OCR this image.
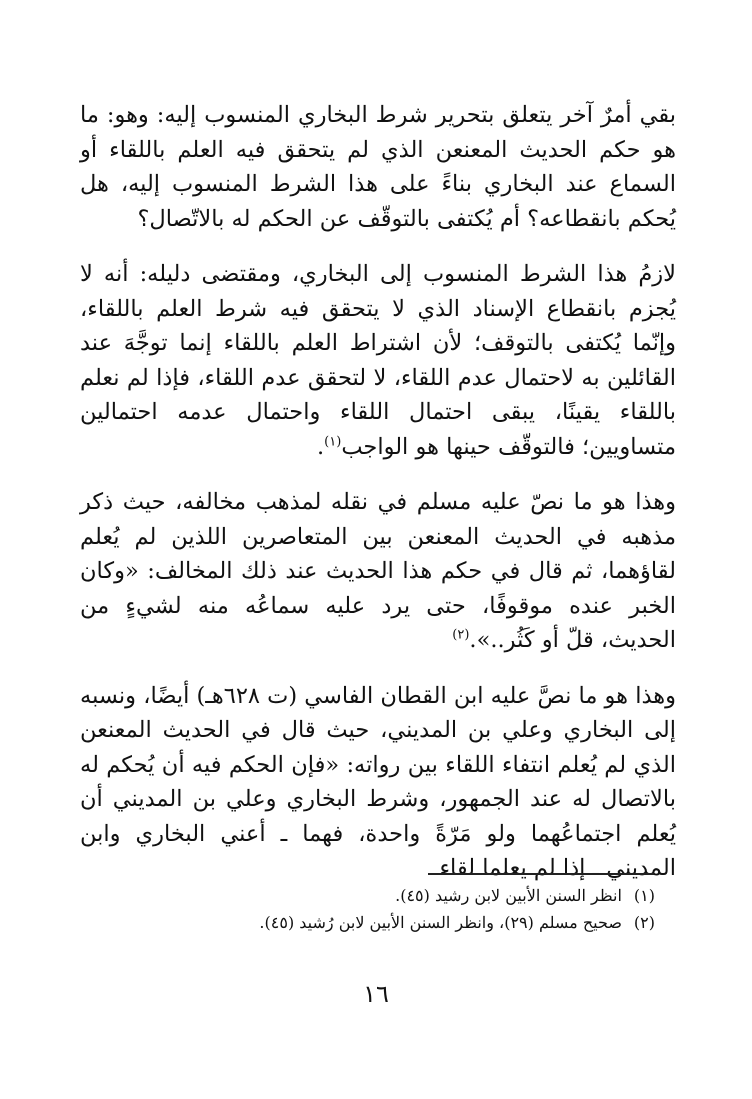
بقي أمرٌ آخر يتعلق بتحرير شرط البخاري المنسوب إليه: وهو: ما هو حكم الحديث المعنعن الذي لم يتحقق فيه العلم باللقاء أو السماع عند البخاري بناءً على هذا الشرط المنسوب إليه، هل يُحكم بانقطاعه؟ أم يُكتفى بالتوقّف عن الحكم له بالاتّصال؟

لازمُ هذا الشرط المنسوب إلى البخاري، ومقتضى دليله: أنه لا يُجزم بانقطاع الإسناد الذي لا يتحقق فيه شرط العلم باللقاء، وإنّما يُكتفى بالتوقف؛ لأن اشتراط العلم باللقاء إنما توجَّهَ عند القائلين به لاحتمال عدم اللقاء، لا لتحقق عدم اللقاء، فإذا لم نعلم باللقاء يقينًا، يبقى احتمال اللقاء واحتمال عدمه احتمالين متساويين؛ فالتوقّف حينها هو الواجب$^{(١)}$.

وهذا هو ما نصّ عليه مسلم في نقله لمذهب مخالفه، حيث ذكر مذهبه في الحديث المعنعن بين المتعاصرين اللذين لم يُعلم لقاؤهما، ثم قال في حكم هذا الحديث عند ذلك المخالف: «وكان الخبر عنده موقوفًا، حتى يرد عليه سماعُه منه لشيءٍ من الحديث، قلّ أو كَثُر..».$^{(٢)}$

وهذا هو ما نصَّ عليه ابن القطان الفاسي (ت ٦٢٨هـ) أيضًا، ونسبه إلى البخاري وعلي بن المديني، حيث قال في الحديث المعنعن الذي لم يُعلم انتفاء اللقاء بين رواته: «فإن الحكم فيه أن يُحكم له بالاتصال له عند الجمهور، وشرط البخاري وعلي بن المديني أن يُعلم اجتماعُهما ولو مَرّةً واحدة، فهما ـ أعني البخاري وابن المديني ـ إذا لم يعلما لقاء

(١) انظر السنن الأبين لابن رشيد (٤٥).
(٢) صحيح مسلم (٢٩)، وانظر السنن الأبين لابن رُشيد (٤٥).
١٦
